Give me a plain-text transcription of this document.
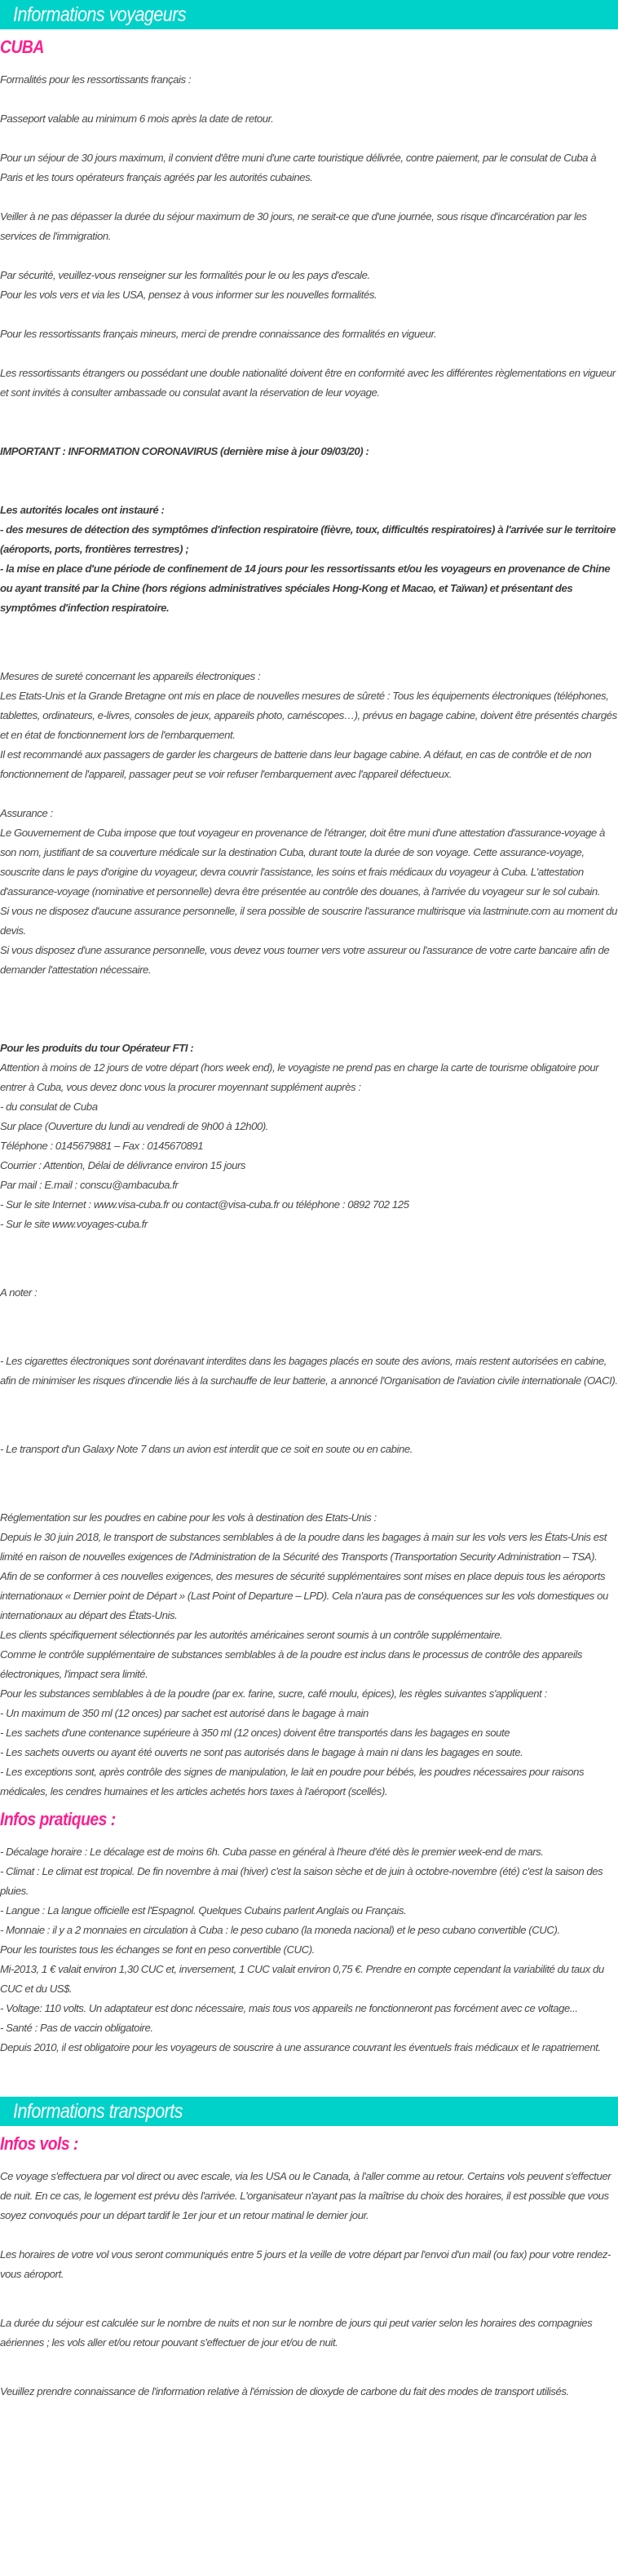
Informations voyageurs
CUBA

Formalités pour les ressortissants français :

Passeport valable au minimum 6 mois après la date de retour.

Pour un séjour de 30 jours maximum, il convient d'être muni d'une carte touristique délivrée, contre paiement, par le consulat de Cuba à Paris et les tours opérateurs français agréés par les autorités cubaines.

Veiller à ne pas dépasser la durée du séjour maximum de 30 jours, ne serait-ce que d'une journée, sous risque d'incarcération par les services de l'immigration.

Par sécurité, veuillez-vous renseigner sur les formalités pour le ou les pays d'escale.

Pour les vols vers et via les USA, pensez à vous informer sur les nouvelles formalités.

Pour les ressortissants français mineurs, merci de prendre connaissance des formalités en vigueur.

Les ressortissants étrangers ou possédant une double nationalité doivent être en conformité avec les différentes règlementations en vigueur et sont invités à consulter ambassade ou consulat avant la réservation de leur voyage.

IMPORTANT : INFORMATION CORONAVIRUS (dernière mise à jour 09/03/20) :

Les autorités locales ont instauré :

- des mesures de détection des symptômes d'infection respiratoire (fièvre, toux, difficultés respiratoires) à l'arrivée sur le territoire (aéroports, ports, frontières terrestres) ;

- la mise en place d'une période de confinement de 14 jours pour les ressortissants et/ou les voyageurs en provenance de Chine ou ayant transité par la Chine (hors régions administratives spéciales Hong-Kong et Macao, et Taïwan) et présentant des symptômes d'infection respiratoire.

Mesures de sureté concernant les appareils électroniques :

Les Etats-Unis et la Grande Bretagne ont mis en place de nouvelles mesures de sûreté : Tous les équipements électroniques (téléphones, tablettes, ordinateurs, e-livres, consoles de jeux, appareils photo, caméscopes…), prévus en bagage cabine, doivent être présentés chargés et en état de fonctionnement lors de l'embarquement.

Il est recommandé aux passagers de garder les chargeurs de batterie dans leur bagage cabine. A défaut, en cas de contrôle et de non fonctionnement de l'appareil, passager peut se voir refuser l'embarquement avec l'appareil défectueux.

Assurance :

Le Gouvernement de Cuba impose que tout voyageur en provenance de l'étranger, doit être muni d'une attestation d'assurance-voyage à son nom, justifiant de sa couverture médicale sur la destination Cuba, durant toute la durée de son voyage. Cette assurance-voyage, souscrite dans le pays d'origine du voyageur, devra couvrir l'assistance, les soins et frais médicaux du voyageur à Cuba. L'attestation d'assurance-voyage (nominative et personnelle) devra être présentée au contrôle des douanes, à l'arrivée du voyageur sur le sol cubain.

Si vous ne disposez d'aucune assurance personnelle, il sera possible de souscrire l'assurance multirisque via lastminute.com au moment du devis.

Si vous disposez d'une assurance personnelle, vous devez vous tourner vers votre assureur ou l'assurance de votre carte bancaire afin de demander l'attestation nécessaire.

Pour les produits du tour Opérateur FTI :

Attention à moins de 12 jours de votre départ (hors week end), le voyagiste ne prend pas en charge la carte de tourisme obligatoire pour entrer à Cuba, vous devez donc vous la procurer moyennant supplément auprès :

- du consulat de Cuba

Sur place (Ouverture du lundi au vendredi de 9h00 à 12h00).

Téléphone : 0145679881 – Fax : 0145670891

Courrier : Attention, Délai de délivrance environ 15 jours

Par mail : E.mail : conscu@ambacuba.fr

- Sur le site Internet : www.visa-cuba.fr ou contact@visa-cuba.fr ou téléphone : 0892 702 125

- Sur le site www.voyages-cuba.fr

A noter :

- Les cigarettes électroniques sont dorénavant interdites dans les bagages placés en soute des avions, mais restent autorisées en cabine, afin de minimiser les risques d'incendie liés à la surchauffe de leur batterie, a annoncé l'Organisation de l'aviation civile internationale (OACI).

- Le transport d'un Galaxy Note 7 dans un avion est interdit que ce soit en soute ou en cabine.

Réglementation sur les poudres en cabine pour les vols à destination des Etats-Unis :

Depuis le 30 juin 2018, le transport de substances semblables à de la poudre dans les bagages à main sur les vols vers les États-Unis est limité en raison de nouvelles exigences de l'Administration de la Sécurité des Transports (Transportation Security Administration – TSA).

Afin de se conformer à ces nouvelles exigences, des mesures de sécurité supplémentaires sont mises en place depuis tous les aéroports internationaux « Dernier point de Départ » (Last Point of Departure – LPD). Cela n'aura pas de conséquences sur les vols domestiques ou internationaux au départ des États-Unis.

Les clients spécifiquement sélectionnés par les autorités américaines seront soumis à un contrôle supplémentaire.

Comme le contrôle supplémentaire de substances semblables à de la poudre est inclus dans le processus de contrôle des appareils électroniques, l'impact sera limité.

Pour les substances semblables à de la poudre (par ex. farine, sucre, café moulu, épices), les règles suivantes s'appliquent :

- Un maximum de 350 ml (12 onces) par sachet est autorisé dans le bagage à main

- Les sachets d'une contenance supérieure à 350 ml (12 onces) doivent être transportés dans les bagages en soute

- Les sachets ouverts ou ayant été ouverts ne sont pas autorisés dans le bagage à main ni dans les bagages en soute.

- Les exceptions sont, après contrôle des signes de manipulation, le lait en poudre pour bébés, les poudres nécessaires pour raisons médicales, les cendres humaines et les articles achetés hors taxes à l'aéroport (scellés).

Infos pratiques :

- Décalage horaire : Le décalage est de moins 6h. Cuba passe en général à l'heure d'été dès le premier week-end de mars.

- Climat : Le climat est tropical. De fin novembre à mai (hiver) c'est la saison sèche et de juin à octobre-novembre (été) c'est la saison des pluies.

- Langue : La langue officielle est l'Espagnol. Quelques Cubains parlent Anglais ou Français.

- Monnaie : il y a 2 monnaies en circulation à Cuba : le peso cubano (la moneda nacional) et le peso cubano convertible (CUC).

Pour les touristes tous les échanges se font en peso convertible (CUC).

Mi-2013, 1 € valait environ 1,30 CUC et, inversement, 1 CUC valait environ 0,75 €. Prendre en compte cependant la variabilité du taux du CUC et du US$.

- Voltage: 110 volts. Un adaptateur est donc nécessaire, mais tous vos appareils ne fonctionneront pas forcément avec ce voltage...

- Santé : Pas de vaccin obligatoire.

Depuis 2010, il est obligatoire pour les voyageurs de souscrire à une assurance couvrant les éventuels frais médicaux et le rapatriement.

Informations transports
Infos vols :

Ce voyage s'effectuera par vol direct ou avec escale, via les USA ou le Canada, à l'aller comme au retour. Certains vols peuvent s'effectuer de nuit. En ce cas, le logement est prévu dès l'arrivée. L'organisateur n'ayant pas la maîtrise du choix des horaires, il est possible que vous soyez convoqués pour un départ tardif le 1er jour et un retour matinal le dernier jour.

Les horaires de votre vol vous seront communiqués entre 5 jours et la veille de votre départ par l'envoi d'un mail (ou fax) pour votre rendez-vous aéroport.

La durée du séjour est calculée sur le nombre de nuits et non sur le nombre de jours qui peut varier selon les horaires des compagnies aériennes ; les vols aller et/ou retour pouvant s'effectuer de jour et/ou de nuit.

Veuillez prendre connaissance de l'information relative à l'émission de dioxyde de carbone du fait des modes de transport utilisés.
